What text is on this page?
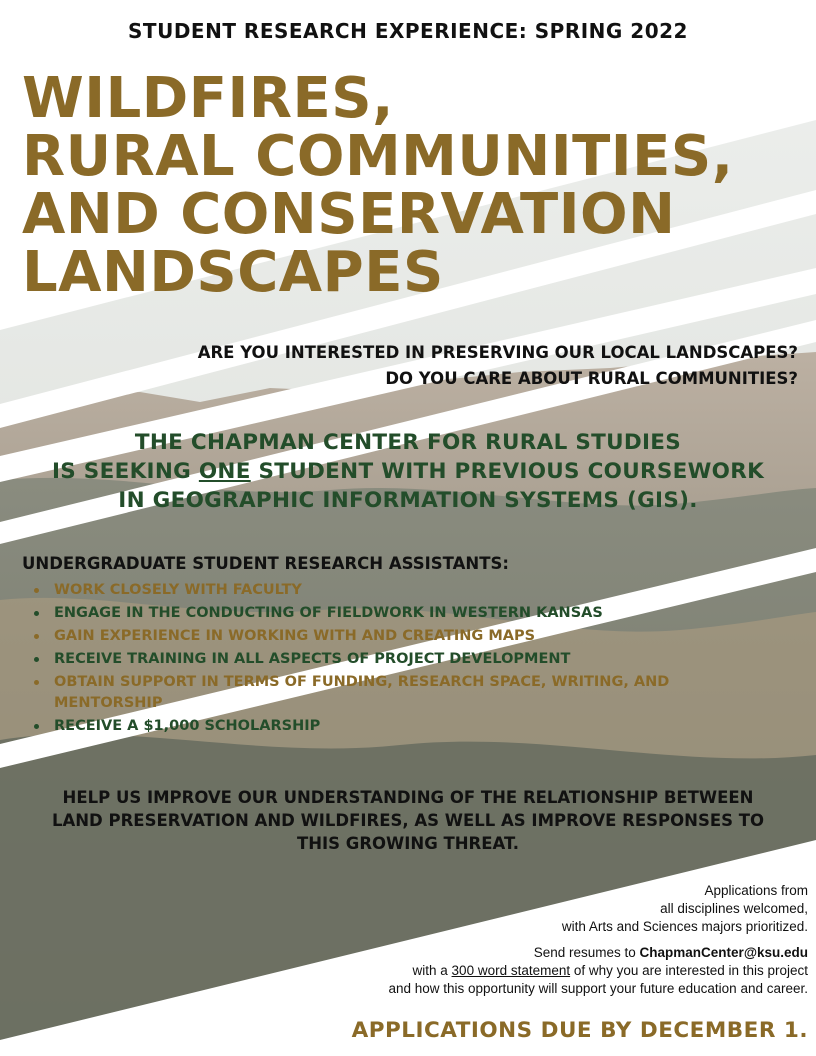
STUDENT RESEARCH EXPERIENCE: SPRING 2022
WILDFIRES,
RURAL COMMUNITIES,
AND CONSERVATION
LANDSCAPES
ARE YOU INTERESTED IN PRESERVING OUR LOCAL LANDSCAPES?
DO YOU CARE ABOUT RURAL COMMUNITIES?
THE CHAPMAN CENTER FOR RURAL STUDIES
IS SEEKING ONE STUDENT WITH PREVIOUS COURSEWORK
IN GEOGRAPHIC INFORMATION SYSTEMS (GIS).
UNDERGRADUATE STUDENT RESEARCH ASSISTANTS:
WORK CLOSELY WITH FACULTY
ENGAGE IN THE CONDUCTING OF FIELDWORK IN WESTERN KANSAS
GAIN EXPERIENCE IN WORKING WITH AND CREATING MAPS
RECEIVE TRAINING IN ALL ASPECTS OF PROJECT DEVELOPMENT
OBTAIN SUPPORT IN TERMS OF FUNDING, RESEARCH SPACE, WRITING, AND MENTORSHIP
RECEIVE A $1,000 SCHOLARSHIP
HELP US IMPROVE OUR UNDERSTANDING OF THE RELATIONSHIP BETWEEN
LAND PRESERVATION AND WILDFIRES, AS WELL AS IMPROVE RESPONSES TO
THIS GROWING THREAT.
Applications from
all disciplines welcomed,
with Arts and Sciences majors prioritized.
Send resumes to ChapmanCenter@ksu.edu
with a 300 word statement of why you are interested in this project
and how this opportunity will support your future education and career.
APPLICATIONS DUE BY DECEMBER 1.
